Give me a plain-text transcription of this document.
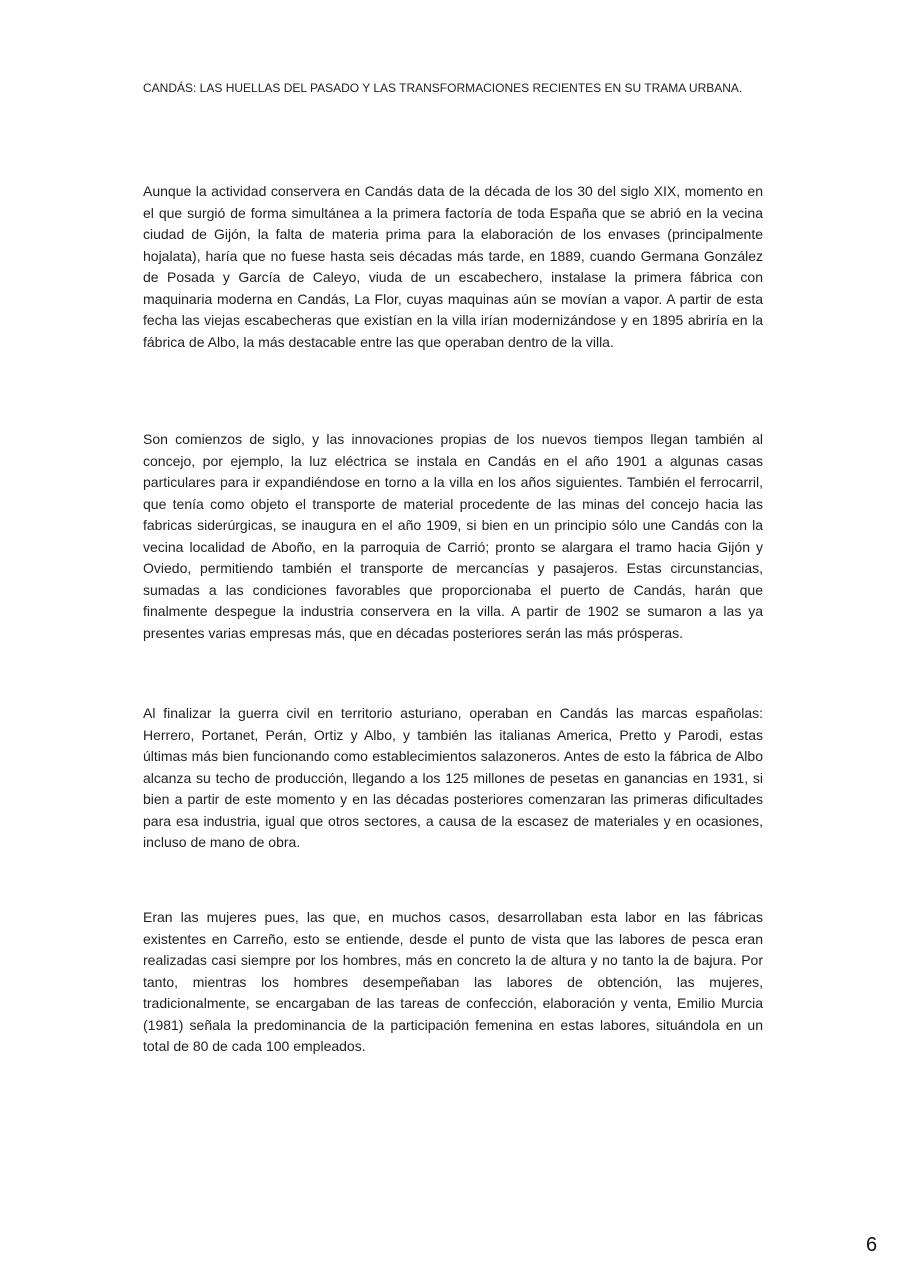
CANDÁS: LAS HUELLAS DEL PASADO Y LAS TRANSFORMACIONES RECIENTES EN SU TRAMA URBANA.

Aunque la actividad conservera en Candás data de la década de los 30 del siglo XIX, momento en el que surgió de forma simultánea a la primera factoría de toda España que se abrió en la vecina ciudad de Gijón, la falta de materia prima para la elaboración de los envases (principalmente hojalata), haría que no fuese hasta seis décadas más tarde, en 1889, cuando Germana González de Posada y García de Caleyo, viuda de un escabechero, instalase la primera fábrica con maquinaria moderna en Candás, La Flor, cuyas maquinas aún se movían a vapor. A partir de esta fecha las viejas escabecheras que existían en la villa irían modernizándose y en 1895 abriría en la fábrica de Albo, la más destacable entre las que operaban dentro de la villa.

Son comienzos de siglo, y las innovaciones propias de los nuevos tiempos llegan también al concejo, por ejemplo, la luz eléctrica se instala en Candás en el año 1901 a algunas casas particulares para ir expandiéndose en torno a la villa en los años siguientes. También el ferrocarril, que tenía como objeto el transporte de material procedente de las minas del concejo hacia las fabricas siderúrgicas, se inaugura en el año 1909, si bien en un principio sólo une Candás con la vecina localidad de Aboño, en la parroquia de Carrió; pronto se alargara el tramo hacia Gijón y Oviedo, permitiendo también el transporte de mercancías y pasajeros. Estas circunstancias, sumadas a las condiciones favorables que proporcionaba el puerto de Candás, harán que finalmente despegue la industria conservera en la villa. A partir de 1902 se sumaron a las ya presentes varias empresas más, que en décadas posteriores serán las más prósperas.

Al finalizar la guerra civil en territorio asturiano, operaban en Candás las marcas españolas: Herrero, Portanet, Perán, Ortiz y Albo, y también las italianas America, Pretto y Parodi, estas últimas más bien funcionando como establecimientos salazoneros. Antes de esto la fábrica de Albo alcanza su techo de producción, llegando a los 125 millones de pesetas en ganancias en 1931, si bien a partir de este momento y en las décadas posteriores comenzaran las primeras dificultades para esa industria, igual que otros sectores, a causa de la escasez de materiales y en ocasiones, incluso de mano de obra.

Eran las mujeres pues, las que, en muchos casos, desarrollaban esta labor en las fábricas existentes en Carreño, esto se entiende, desde el punto de vista que las labores de pesca eran realizadas casi siempre por los hombres, más en concreto la de altura y no tanto la de bajura. Por tanto, mientras los hombres desempeñaban las labores de obtención, las mujeres, tradicionalmente, se encargaban de las tareas de confección, elaboración y venta, Emilio Murcia (1981) señala la predominancia de la participación femenina en estas labores, situándola en un total de 80 de cada 100 empleados.

6
